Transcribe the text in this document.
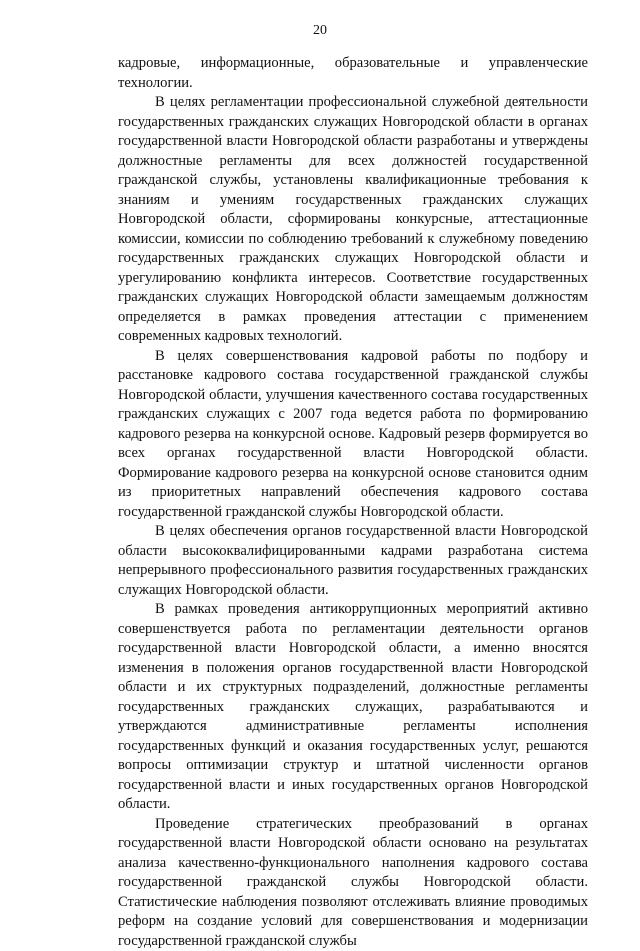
20

кадровые, информационные, образовательные и управленческие технологии.

В целях регламентации профессиональной служебной деятельности государственных гражданских служащих Новгородской области в органах государственной власти Новгородской области разработаны и утверждены должностные регламенты для всех должностей государственной гражданской службы, установлены квалификационные требования к знаниям и умениям государственных гражданских служащих Новгородской области, сформированы конкурсные, аттестационные комиссии, комиссии по соблюдению требований к служебному поведению государственных гражданских служащих Новгородской области и урегулированию конфликта интересов. Соответствие государственных гражданских служащих Новгородской области замещаемым должностям определяется в рамках проведения аттестации с применением современных кадровых технологий.

В целях совершенствования кадровой работы по подбору и расстановке кадрового состава государственной гражданской службы Новгородской области, улучшения качественного состава государственных гражданских служащих с 2007 года ведется работа по формированию кадрового резерва на конкурсной основе. Кадровый резерв формируется во всех органах государственной власти Новгородской области. Формирование кадрового резерва на конкурсной основе становится одним из приоритетных направлений обеспечения кадрового состава государственной гражданской службы Новгородской области.

В целях обеспечения органов государственной власти Новгородской области высококвалифицированными кадрами разработана система непрерывного профессионального развития государственных гражданских служащих Новгородской области.

В рамках проведения антикоррупционных мероприятий активно совершенствуется работа по регламентации деятельности органов государственной власти Новгородской области, а именно вносятся изменения в положения органов государственной власти Новгородской области и их структурных подразделений, должностные регламенты государственных гражданских служащих, разрабатываются и утверждаются административные регламенты исполнения государственных функций и оказания государственных услуг, решаются вопросы оптимизации структур и штатной численности органов государственной власти и иных государственных органов Новгородской области.

Проведение стратегических преобразований в органах государственной власти Новгородской области основано на результатах анализа качественно-функционального наполнения кадрового состава государственной гражданской службы Новгородской области. Статистические наблюдения позволяют отслеживать влияние проводимых реформ на создание условий для совершенствования и модернизации государственной гражданской службы
